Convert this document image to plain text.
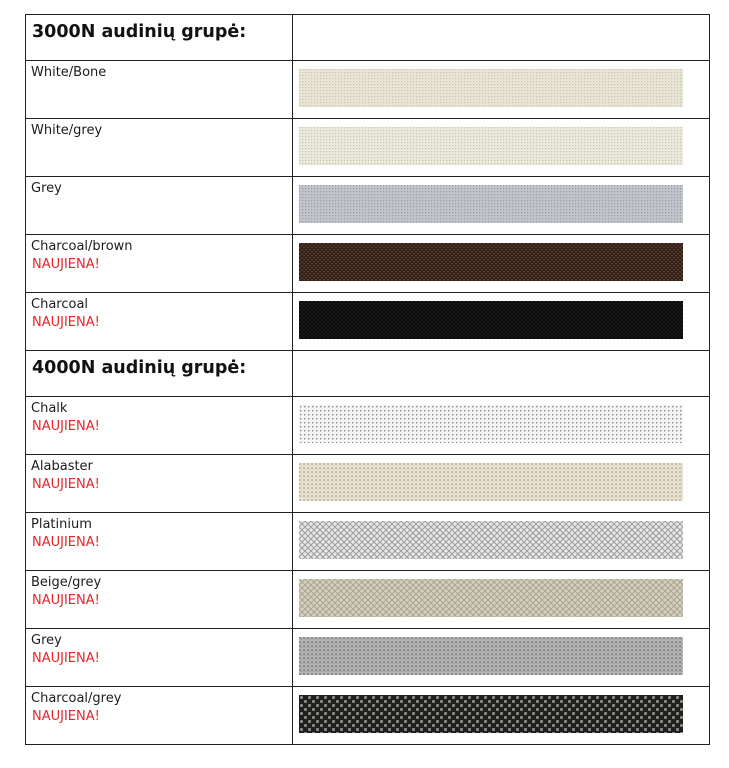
3000N audinių grupė:	

White/Bone

White/grey

Grey

Charcoal/brown
NAUJIENA!

Charcoal
NAUJIENA!

4000N audinių grupė:	

Chalk
NAUJIENA!

Alabaster
NAUJIENA!

Platinium
NAUJIENA!

Beige/grey
NAUJIENA!

Grey
NAUJIENA!

Charcoal/grey
NAUJIENA!
